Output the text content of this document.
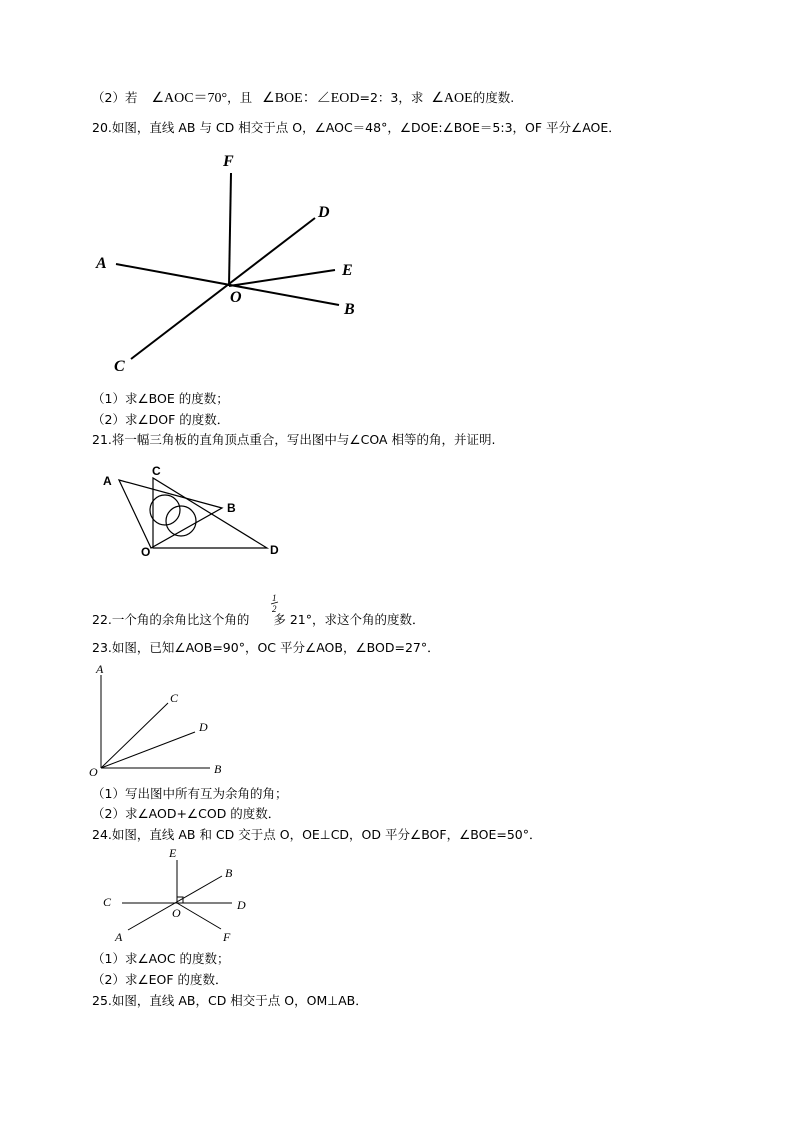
（2）若 ∠AOC＝70°，且 ∠BOE：∠EOD=2：3，求 ∠AOE的度数.
20.如图，直线 AB 与 CD 相交于点 O，∠AOC＝48°，∠DOE:∠BOE＝5:3，OF 平分∠AOE．
F
D
A	E
O
B
C
（1）求∠BOE 的度数；
（2）求∠DOF 的度数．
21.将一幅三角板的直角顶点重合，写出图中与∠COA 相等的角，并证明.
A
C
B
O	D
22.一个角的余角比这个角的 多 21°，求这个角的度数．
1
2
23.如图，已知∠AOB=90°，OC 平分∠AOB，∠BOD=27°．
A
C
D
O	B
（1）写出图中所有互为余角的角；
（2）求∠AOD+∠COD 的度数．
24.如图，直线 AB 和 CD 交于点 O，OE⊥CD，OD 平分∠BOF，∠BOE=50°．
E
B
C	D
O
A	F
（1）求∠AOC 的度数；
（2）求∠EOF 的度数．
25.如图，直线 AB，CD 相交于点 O，OM⊥AB．
